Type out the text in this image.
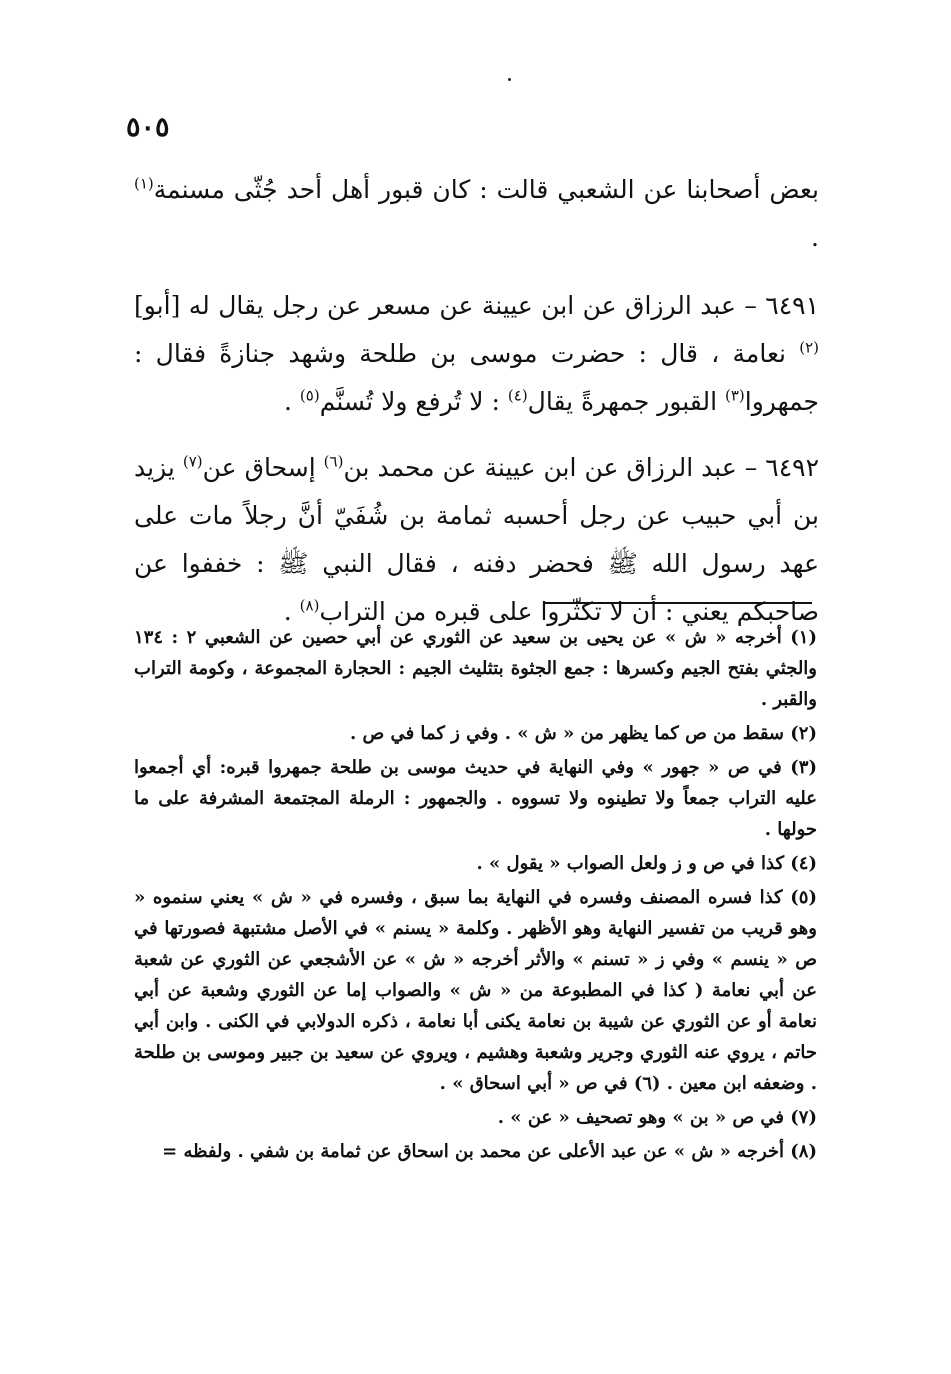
٥٠٥

بعض أصحابنا عن الشعبي قالت : كان قبور أهل أحد جُثّى مسنمة$^{(١)}$ .

٦٤٩١ – عبد الرزاق عن ابن عيينة عن مسعر عن رجل يقال له [أبو]$^{(٢)}$ نعامة ، قال : حضرت موسى بن طلحة وشهد جنازةً فقال : جمهروا$^{(٣)}$ القبور جمهرةً يقال$^{(٤)}$ : لا تُرفع ولا تُسنَّم$^{(٥)}$ .

٦٤٩٢ – عبد الرزاق عن ابن عيينة عن محمد بن$^{(٦)}$ إسحاق عن$^{(٧)}$ يزيد بن أبي حبيب عن رجل أحسبه ثمامة بن شُفَيّ أنَّ رجلاً مات على عهد رسول الله ﷺ فحضر دفنه ، فقال النبي ﷺ : خففوا عن صاحبكم يعني : أن لا تكثّروا على قبره من التراب$^{(٨)}$ .

(١) أخرجه « ش » عن يحيى بن سعيد عن الثوري عن أبي حصين عن الشعبي ٢ : ١٣٤ والجثي بفتح الجيم وكسرها : جمع الجثوة بتثليث الجيم : الحجارة المجموعة ، وكومة التراب والقبر .

(٢) سقط من ص كما يظهر من « ش » . وفي ز كما في ص .

(٣) في ص « جهور » وفي النهاية في حديث موسى بن طلحة جمهروا قبره: أي أجمعوا عليه التراب جمعاً ولا تطينوه ولا تسووه . والجمهور : الرملة المجتمعة المشرفة على ما حولها .

(٤) كذا في ص و ز ولعل الصواب « يقول » .

(٥) كذا فسره المصنف وفسره في النهاية بما سبق ، وفسره في « ش » يعني سنموه « وهو قريب من تفسير النهاية وهو الأظهر . وكلمة « يسنم » في الأصل مشتبهة فصورتها في ص « ينسم » وفي ز « تسنم » والأثر أخرجه « ش » عن الأشجعي عن الثوري عن شعبة عن أبي نعامة ( كذا في المطبوعة من « ش » والصواب إما عن الثوري وشعبة عن أبي نعامة أو عن الثوري عن شيبة بن نعامة يكنى أبا نعامة ، ذكره الدولابي في الكنى . وابن أبي حاتم ، يروي عنه الثوري وجرير وشعبة وهشيم ، ويروي عن سعيد بن جبير وموسى بن طلحة . وضعفه ابن معين . (٦) في ص « أبي اسحاق » .

(٧) في ص « بن » وهو تصحيف « عن » .

(٨) أخرجه « ش » عن عبد الأعلى عن محمد بن اسحاق عن ثمامة بن شفي . ولفظه =
